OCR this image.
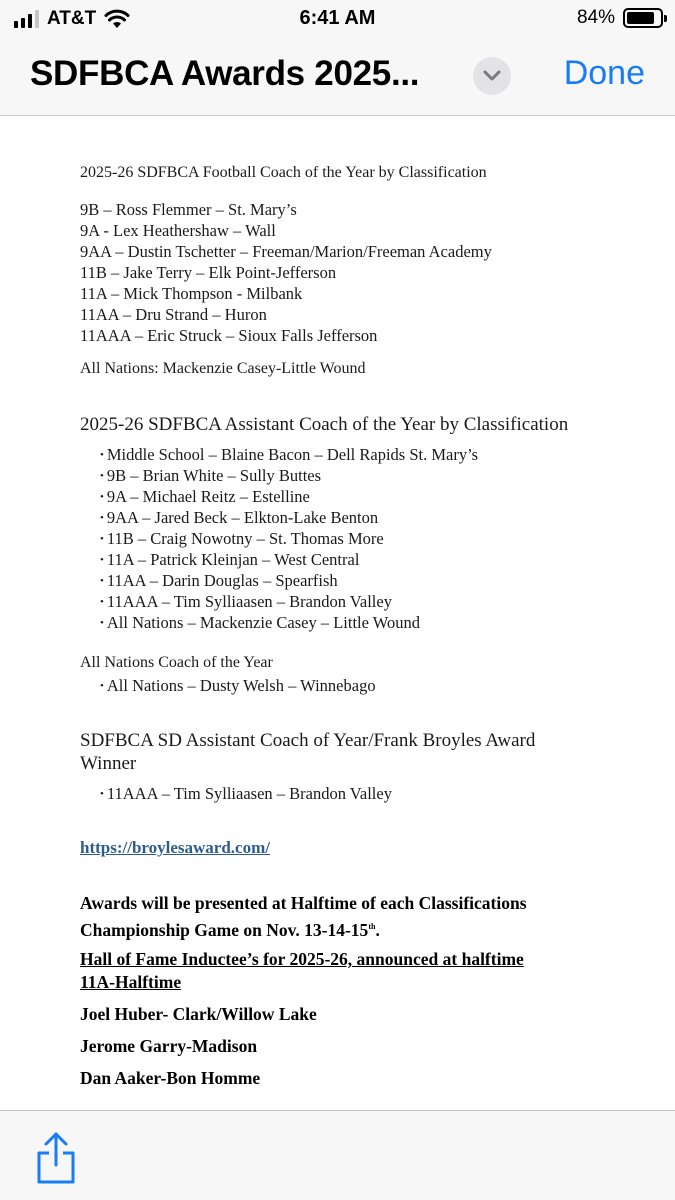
AT&T	6:41 AM	84%
SDFBCA Awards 2025...	Done
2025-26 SDFBCA Football Coach of the Year by Classification
9B – Ross Flemmer – St. Mary’s
9A - Lex Heathershaw – Wall
9AA – Dustin Tschetter – Freeman/Marion/Freeman Academy
11B – Jake Terry – Elk Point-Jefferson
11A – Mick Thompson - Milbank
11AA – Dru Strand – Huron
11AAA – Eric Struck – Sioux Falls Jefferson
All Nations: Mackenzie Casey-Little Wound
2025-26 SDFBCA Assistant Coach of the Year by Classification
• Middle School – Blaine Bacon – Dell Rapids St. Mary’s
• 9B – Brian White – Sully Buttes
• 9A – Michael Reitz – Estelline
• 9AA – Jared Beck – Elkton-Lake Benton
• 11B – Craig Nowotny – St. Thomas More
• 11A – Patrick Kleinjan – West Central
• 11AA – Darin Douglas – Spearfish
• 11AAA – Tim Sylliaasen – Brandon Valley
• All Nations – Mackenzie Casey – Little Wound
All Nations Coach of the Year
• All Nations – Dusty Welsh – Winnebago
SDFBCA SD Assistant Coach of Year/Frank Broyles Award
Winner
• 11AAA – Tim Sylliaasen – Brandon Valley
https://broylesaward.com/
Awards will be presented at Halftime of each Classifications
Championship Game on Nov. 13-14-15th.
Hall of Fame Inductee’s for 2025-26, announced at halftime
11A-Halftime
Joel Huber- Clark/Willow Lake
Jerome Garry-Madison
Dan Aaker-Bon Homme
